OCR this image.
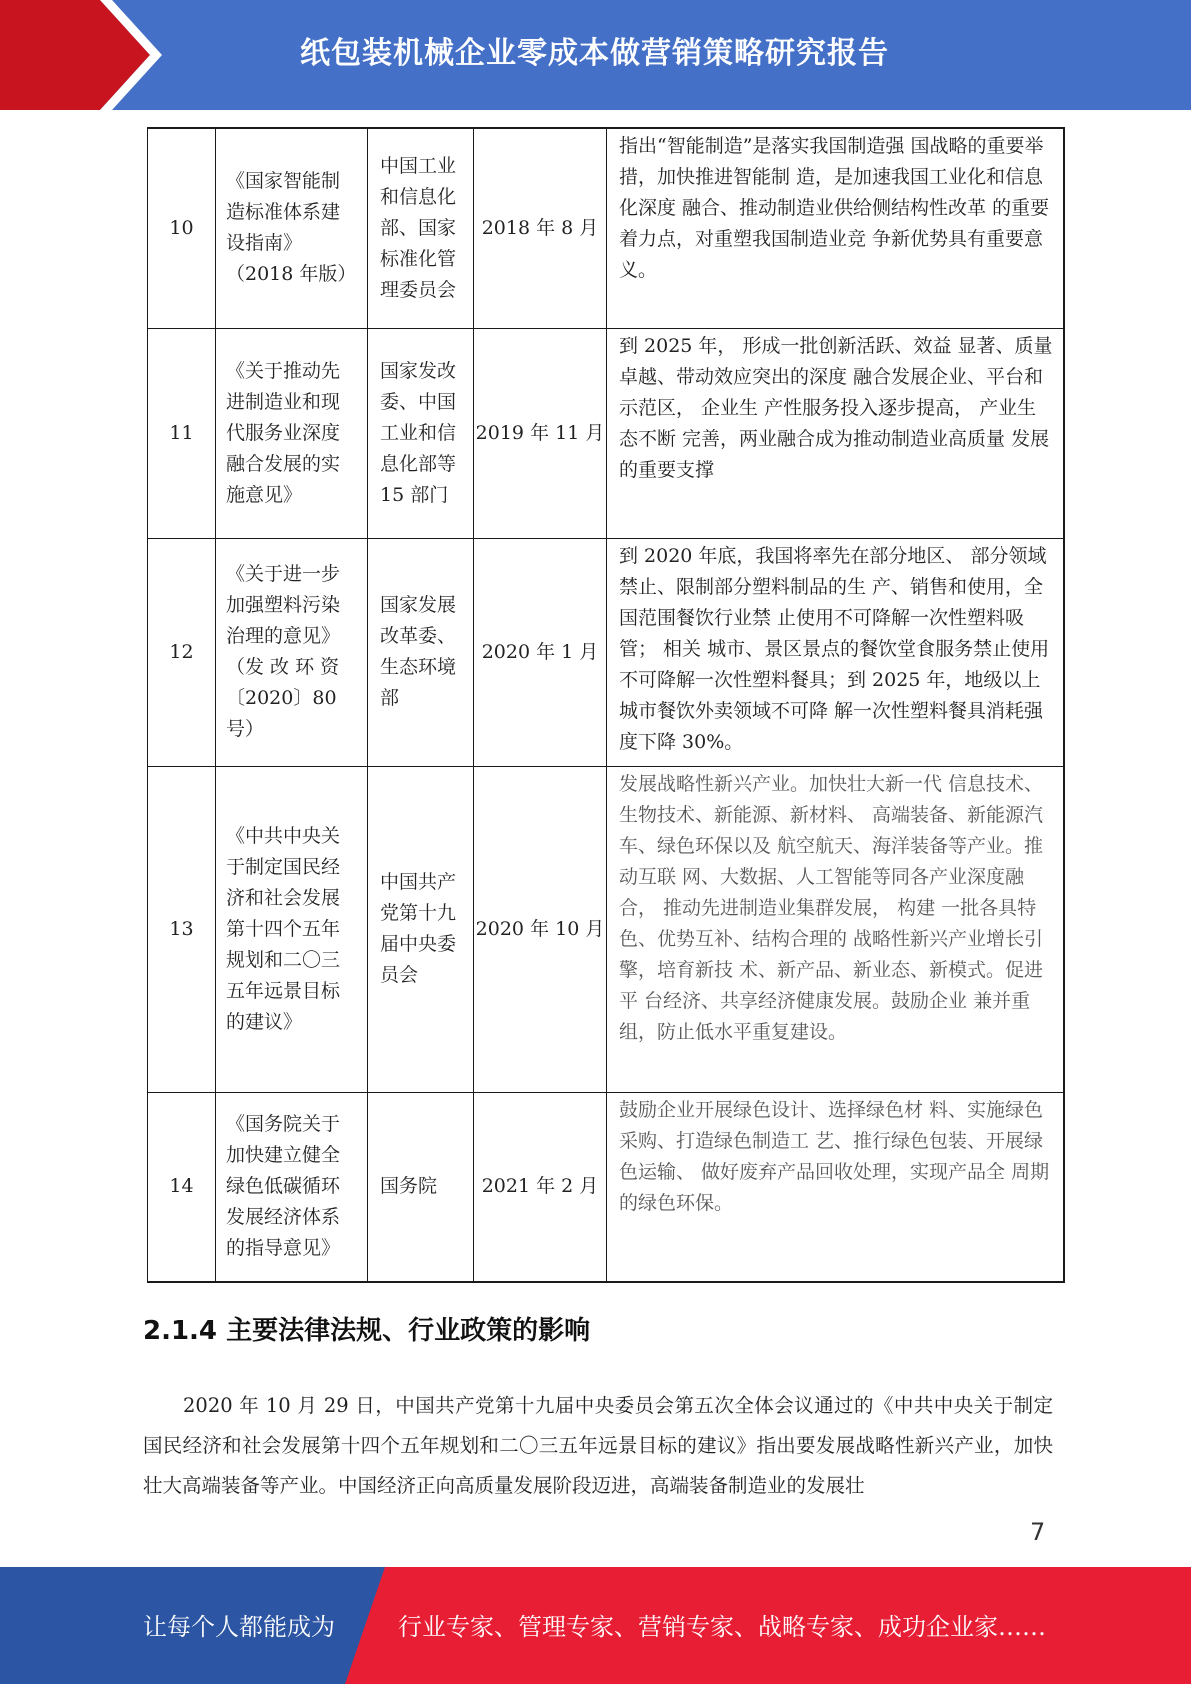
纸包装机械企业零成本做营销策略研究报告
10	《国家智能制造标准体系建设指南》（2018 年版）	中国工业和信息化部、国家标准化管理委员会	2018 年 8 月	指出“智能制造”是落实我国制造强 国战略的重要举措，加快推进智能制 造，是加速我国工业化和信息化深度 融合、推动制造业供给侧结构性改革 的重要着力点，对重塑我国制造业竞 争新优势具有重要意义。
11	《关于推动先 进制造业和现 代服务业深度 融合发展的实 施意见》	国家发改委、中国工业和信息化部等 15 部门	2019 年 11 月	到 2025 年， 形成一批创新活跃、效益 显著、质量卓越、带动效应突出的深度 融合发展企业、平台和示范区， 企业生 产性服务投入逐步提高， 产业生态不断 完善，两业融合成为推动制造业高质量 发展的重要支撑
12	《关于进一步 加强塑料污染 治理的意见》（发 改 环 资 〔2020〕80 号）	国家发展改革委、生态环境部	2020 年 1 月	到 2020 年底，我国将率先在部分地区、 部分领域禁止、限制部分塑料制品的生 产、销售和使用，全国范围餐饮行业禁 止使用不可降解一次性塑料吸管； 相关 城市、景区景点的餐饮堂食服务禁止使用不可降解一次性塑料餐具；到 2025 年，地级以上城市餐饮外卖领域不可降 解一次性塑料餐具消耗强度下降 30%。
13	《中共中央关 于制定国民经 济和社会发展 第十四个五年 规划和二〇三五年远景目标 的建议》	中国共产党第十九届中央委员会	2020 年 10 月	发展战略性新兴产业。加快壮大新一代 信息技术、生物技术、新能源、新材料、 高端装备、新能源汽车、绿色环保以及 航空航天、海洋装备等产业。推动互联 网、大数据、人工智能等同各产业深度融合， 推动先进制造业集群发展， 构建 一批各具特色、优势互补、结构合理的 战略性新兴产业增长引擎，培育新技 术、新产品、新业态、新模式。促进平 台经济、共享经济健康发展。鼓励企业 兼并重组，防止低水平重复建设。
14	《国务院关于 加快建立健全 绿色低碳循环 发展经济体系 的指导意见》	国务院	2021 年 2 月	鼓励企业开展绿色设计、选择绿色材 料、实施绿色采购、打造绿色制造工 艺、推行绿色包装、开展绿色运输、 做好废弃产品回收处理，实现产品全 周期的绿色环保。
2.1.4 主要法律法规、行业政策的影响
2020 年 10 月 29 日，中国共产党第十九届中央委员会第五次全体会议通过的《中共中央关于制定国民经济和社会发展第十四个五年规划和二〇三五年远景目标的建议》指出要发展战略性新兴产业，加快壮大高端装备等产业。中国经济正向高质量发展阶段迈进，高端装备制造业的发展壮
7
让每个人都能成为	行业专家、管理专家、营销专家、战略专家、成功企业家……
